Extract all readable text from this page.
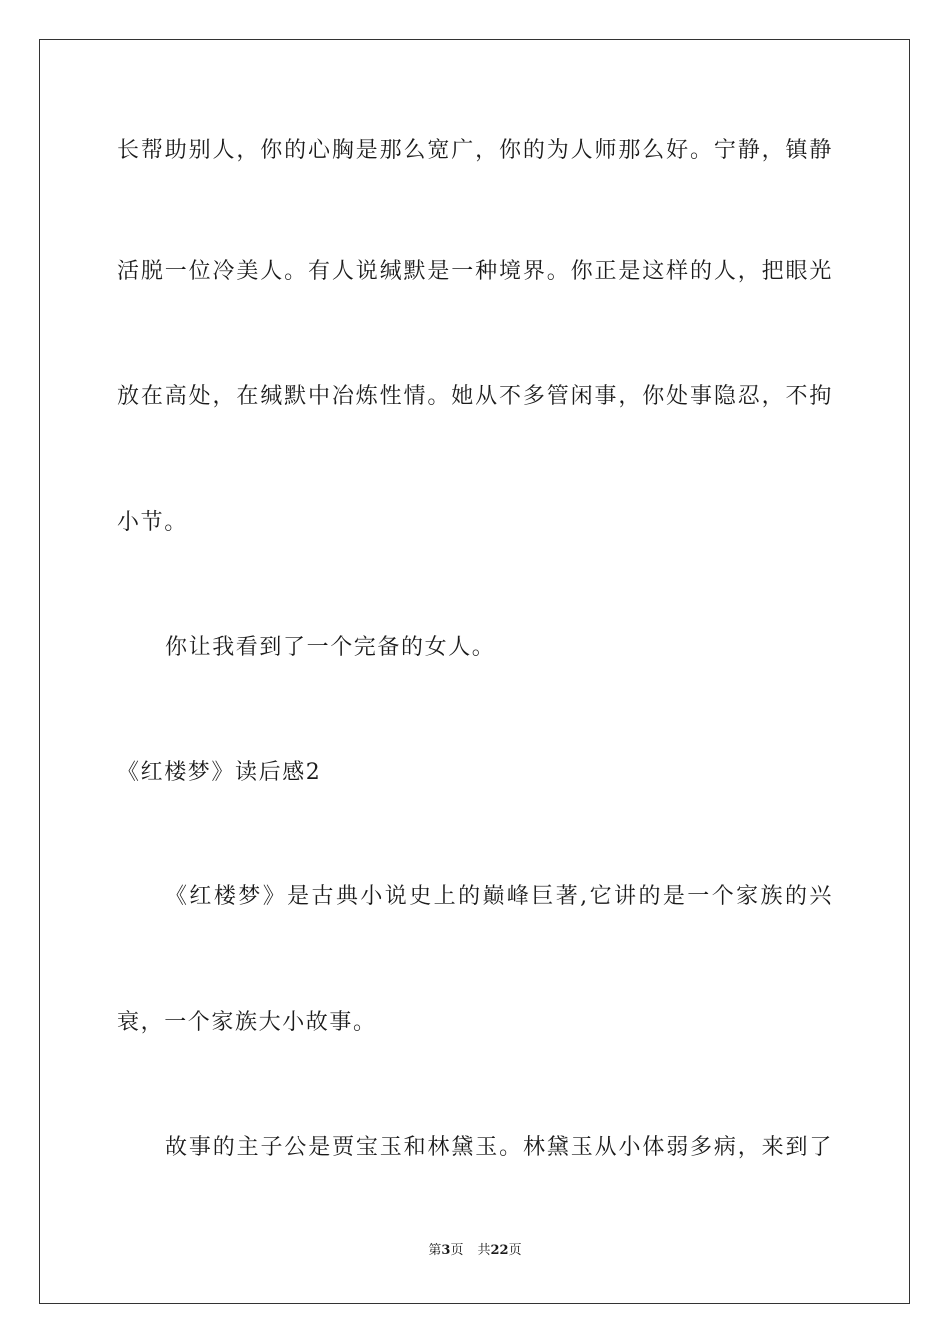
长帮助别人，你的心胸是那么宽广，你的为人师那么好。宁静，镇静
活脱一位冷美人。有人说缄默是一种境界。你正是这样的人，把眼光
放在高处，在缄默中冶炼性情。她从不多管闲事，你处事隐忍，不拘
小节。
你让我看到了一个完备的女人。
《红楼梦》读后感2
《红楼梦》是古典小说史上的巅峰巨著,它讲的是一个家族的兴
衰，一个家族大小故事。
故事的主子公是贾宝玉和林黛玉。林黛玉从小体弱多病，来到了
第3页 共22页
